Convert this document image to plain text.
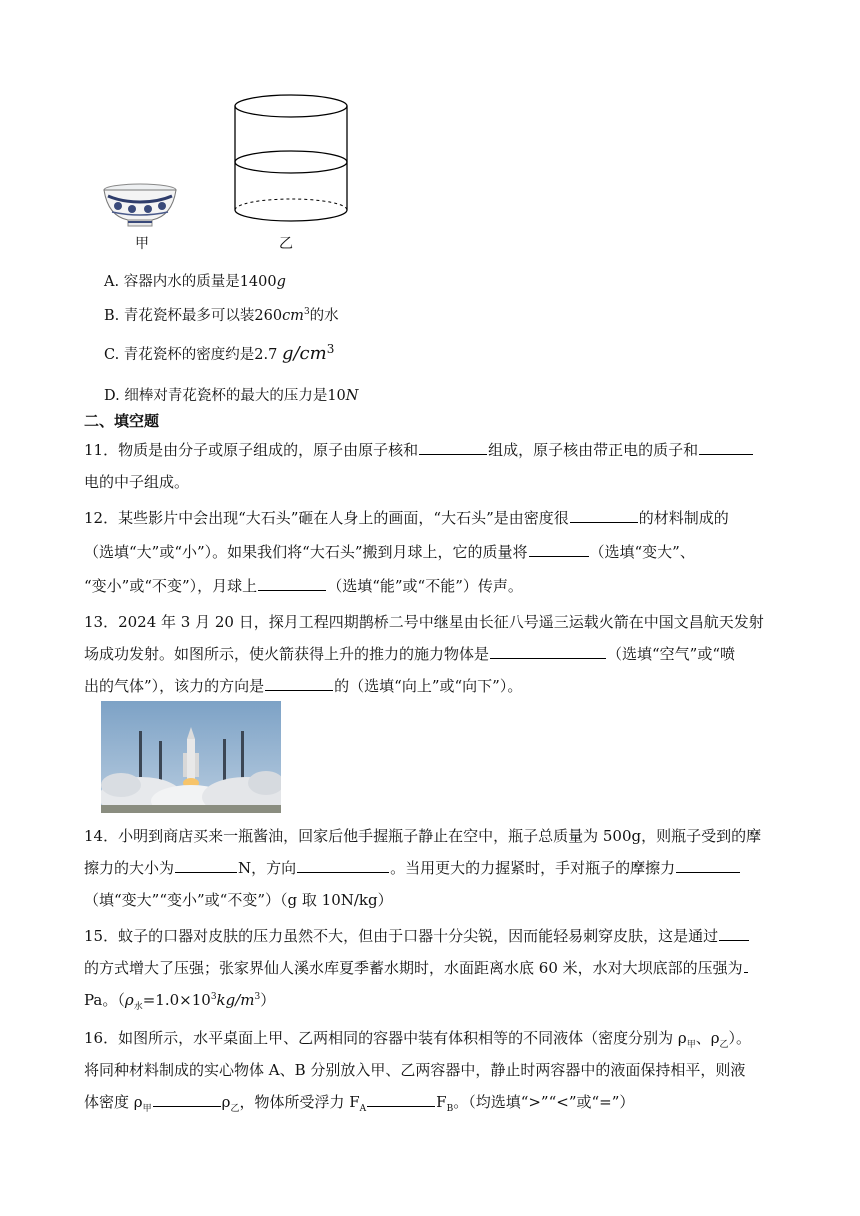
甲	乙
A. 容器内水的质量是1400g
B. 青花瓷杯最多可以装$260cm^3$的水
C. 青花瓷杯的密度约是2.7 $g/cm^3$
D. 细棒对青花瓷杯的最大的压力是10N
二、填空题
11．物质是由分子或原子组成的，原子由原子核和	组成，原子核由带正电的质子和
电的中子组成。
12．某些影片中会出现“大石头”砸在人身上的画面，“大石头”是由密度很	的材料制成的
（选填“大”或“小”）。如果我们将“大石头”搬到月球上，它的质量将	（选填“变大”、
“变小”或“不变”），月球上	（选填“能”或“不能”）传声。
13．2024 年 3 月 20 日，探月工程四期鹊桥二号中继星由长征八号遥三运载火箭在中国文昌航天发射
场成功发射。如图所示，使火箭获得上升的推力的施力物体是	（选填“空气”或“喷
出的气体”），该力的方向是	的（选填“向上”或“向下”）。
14．小明到商店买来一瓶酱油，回家后他手握瓶子静止在空中，瓶子总质量为 500g，则瓶子受到的摩
擦力的大小为	N，方向	。当用更大的力握紧时，手对瓶子的摩擦力
（填“变大”“变小”或“不变”）（g 取 10N/kg）
15．蚊子的口器对皮肤的压力虽然不大，但由于口器十分尖锐，因而能轻易刺穿皮肤，这是通过
的方式增大了压强；张家界仙人溪水库夏季蓄水期时，水面距离水底 60 米，水对大坝底部的压强为
Pa。$(\rho_水=1.0\times 10^3kg/m^3)$
16．如图所示，水平桌面上甲、乙两相同的容器中装有体积相等的不同液体（密度分别为 $\rho_甲$、$\rho_乙$）。
将同种材料制成的实心物体 A、B 分别放入甲、乙两容器中，静止时两容器中的液面保持相平，则液
体密度 $\rho_甲$	$\rho_乙$，物体所受浮力 $F_A$	$F_B$。（均选填“>”“<”或“=”）
